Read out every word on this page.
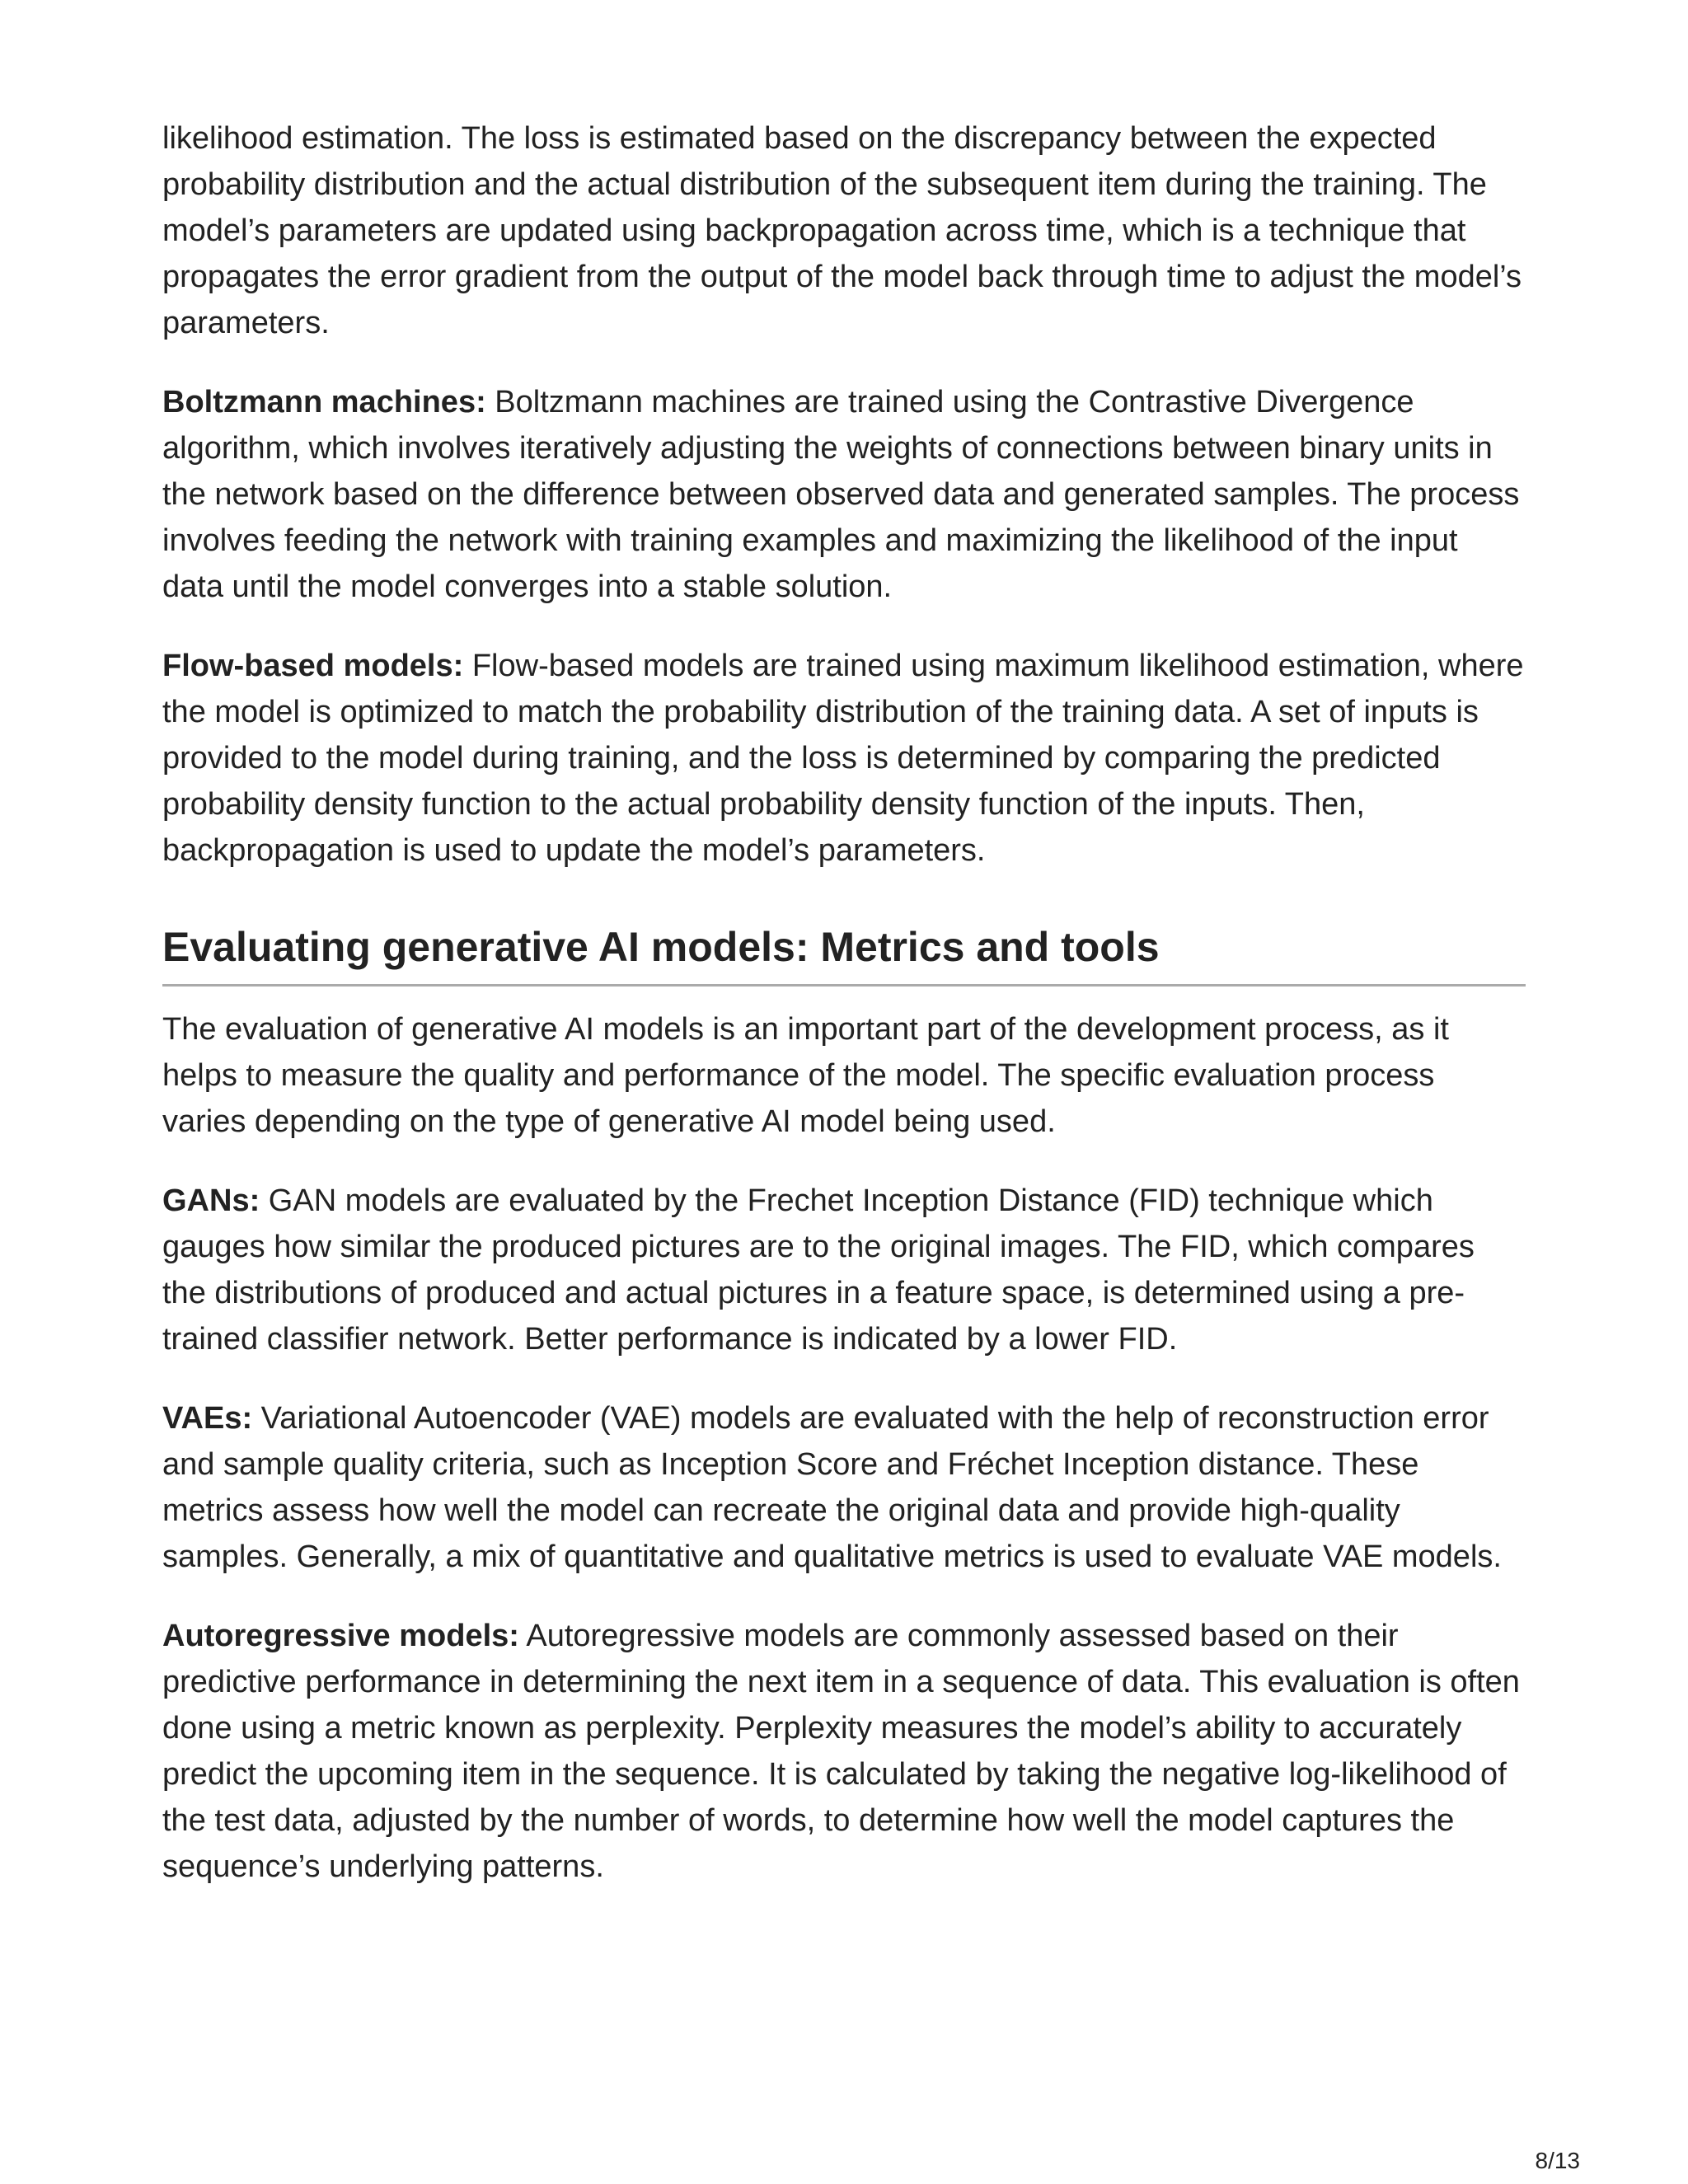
likelihood estimation. The loss is estimated based on the discrepancy between the expected probability distribution and the actual distribution of the subsequent item during the training. The model’s parameters are updated using backpropagation across time, which is a technique that propagates the error gradient from the output of the model back through time to adjust the model’s parameters.

Boltzmann machines: Boltzmann machines are trained using the Contrastive Divergence algorithm, which involves iteratively adjusting the weights of connections between binary units in the network based on the difference between observed data and generated samples. The process involves feeding the network with training examples and maximizing the likelihood of the input data until the model converges into a stable solution.

Flow-based models: Flow-based models are trained using maximum likelihood estimation, where the model is optimized to match the probability distribution of the training data. A set of inputs is provided to the model during training, and the loss is determined by comparing the predicted probability density function to the actual probability density function of the inputs. Then, backpropagation is used to update the model’s parameters.

Evaluating generative AI models: Metrics and tools

The evaluation of generative AI models is an important part of the development process, as it helps to measure the quality and performance of the model. The specific evaluation process varies depending on the type of generative AI model being used.

GANs: GAN models are evaluated by the Frechet Inception Distance (FID) technique which gauges how similar the produced pictures are to the original images. The FID, which compares the distributions of produced and actual pictures in a feature space, is determined using a pre-trained classifier network. Better performance is indicated by a lower FID.

VAEs: Variational Autoencoder (VAE) models are evaluated with the help of reconstruction error and sample quality criteria, such as Inception Score and Fréchet Inception distance. These metrics assess how well the model can recreate the original data and provide high-quality samples. Generally, a mix of quantitative and qualitative metrics is used to evaluate VAE models.

Autoregressive models: Autoregressive models are commonly assessed based on their predictive performance in determining the next item in a sequence of data. This evaluation is often done using a metric known as perplexity. Perplexity measures the model’s ability to accurately predict the upcoming item in the sequence. It is calculated by taking the negative log-likelihood of the test data, adjusted by the number of words, to determine how well the model captures the sequence’s underlying patterns.

8/13
